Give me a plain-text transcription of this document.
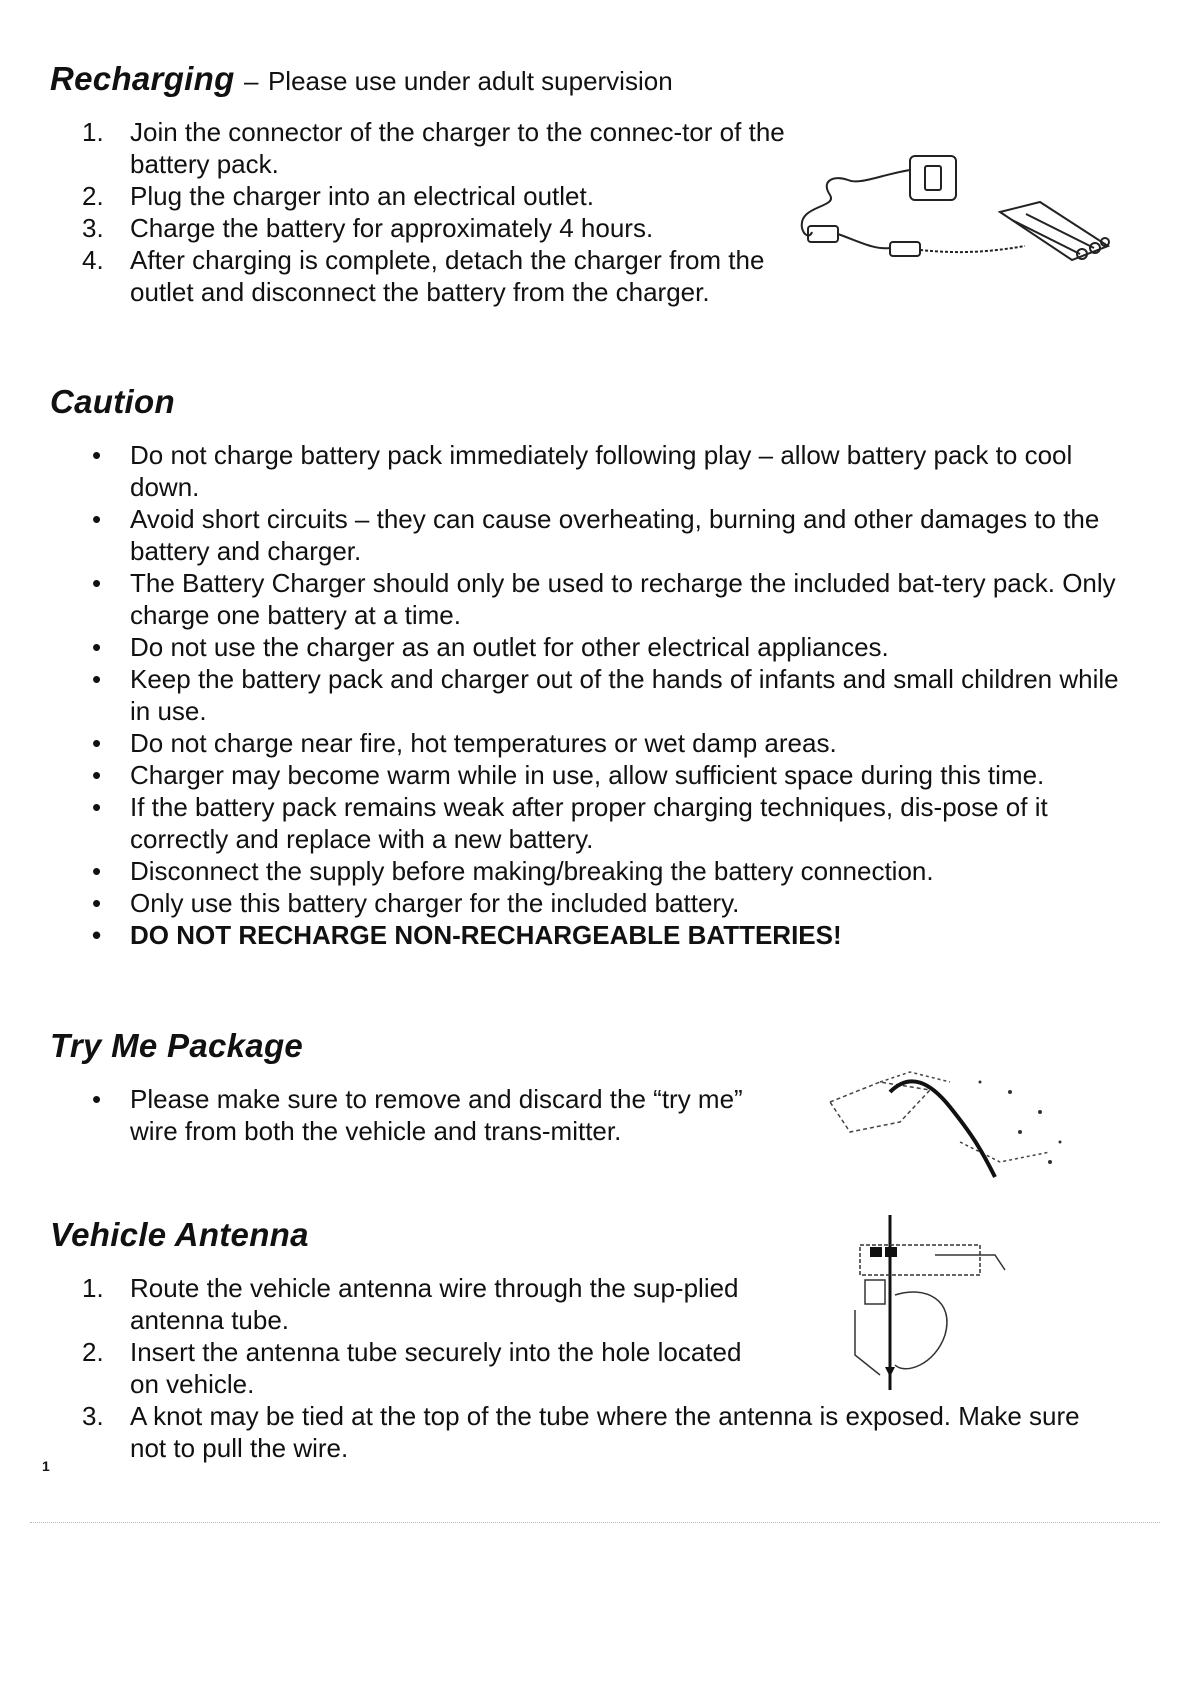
Recharging – Please use under adult supervision
1.	Join the connector of the charger to the connec-tor of the battery pack.
2.	Plug the charger into an electrical outlet.
3.	Charge the battery for approximately 4 hours.
4.	After charging is complete, detach the charger from the outlet and disconnect the battery from the charger.
Caution
• Do not charge battery pack immediately following play – allow battery pack to cool down.
• Avoid short circuits – they can cause overheating, burning and other damages to the battery and charger.
• The Battery Charger should only be used to recharge the included bat-tery pack. Only charge one battery at a time.
• Do not use the charger as an outlet for other electrical appliances.
• Keep the battery pack and charger out of the hands of infants and small children while in use.
• Do not charge near fire, hot temperatures or wet damp areas.
• Charger may become warm while in use, allow sufficient space during this time.
• If the battery pack remains weak after proper charging techniques, dis-pose of it correctly and replace with a new battery.
• Disconnect the supply before making/breaking the battery connection.
• Only use this battery charger for the included battery.
• DO NOT RECHARGE NON-RECHARGEABLE BATTERIES!
Try Me Package
• Please make sure to remove and discard the “try me” wire from both the vehicle and trans-mitter.
Vehicle Antenna
1.	Route the vehicle antenna wire through the sup-plied antenna tube.
2.	Insert the antenna tube securely into the hole located on vehicle.
3.	A knot may be tied at the top of the tube where the antenna is exposed. Make sure not to pull the wire.
1
